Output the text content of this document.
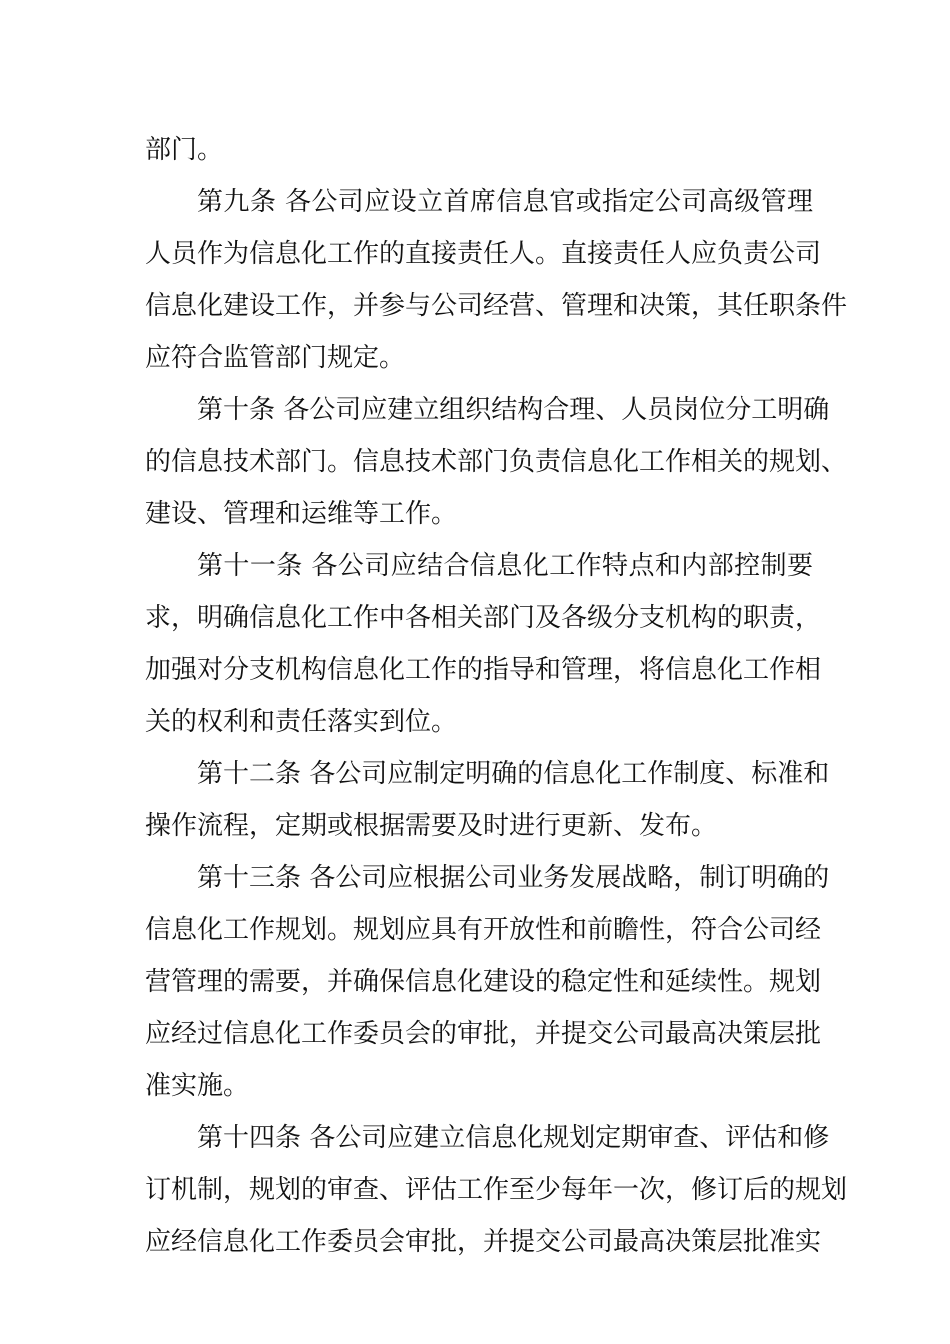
部门。
第九条 各公司应设立首席信息官或指定公司高级管理
人员作为信息化工作的直接责任人。直接责任人应负责公司
信息化建设工作，并参与公司经营、管理和决策，其任职条件
应符合监管部门规定。
第十条 各公司应建立组织结构合理、人员岗位分工明确
的信息技术部门。信息技术部门负责信息化工作相关的规划、
建设、管理和运维等工作。
第十一条 各公司应结合信息化工作特点和内部控制要
求，明确信息化工作中各相关部门及各级分支机构的职责，
加强对分支机构信息化工作的指导和管理，将信息化工作相
关的权利和责任落实到位。
第十二条 各公司应制定明确的信息化工作制度、标准和
操作流程，定期或根据需要及时进行更新、发布。
第十三条 各公司应根据公司业务发展战略，制订明确的
信息化工作规划。规划应具有开放性和前瞻性，符合公司经
营管理的需要，并确保信息化建设的稳定性和延续性。规划
应经过信息化工作委员会的审批，并提交公司最高决策层批
准实施。
第十四条 各公司应建立信息化规划定期审查、评估和修
订机制，规划的审查、评估工作至少每年一次，修订后的规划
应经信息化工作委员会审批，并提交公司最高决策层批准实
